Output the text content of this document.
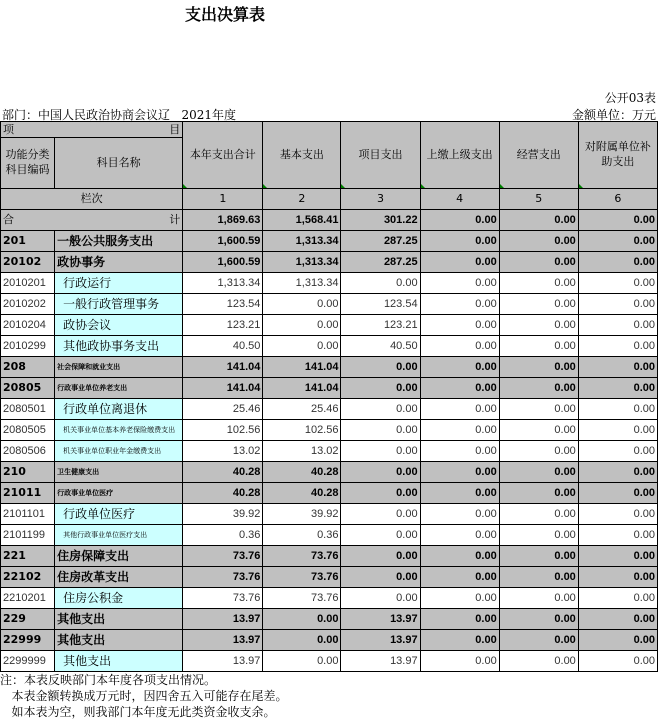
支出决算表
公开03表
部门：中国人民政治协商会议辽   2021年度	金额单位：万元
项 目		本年支出合计	基本支出	项目支出	上缴上级支出	经营支出	对附属单位补助支出
功能分类科目编码	科目名称						
栏次		1	2	3	4	5	6
合 计		1,869.63	1,568.41	301.22	0.00	0.00	0.00
201	一般公共服务支出	1,600.59	1,313.34	287.25	0.00	0.00	0.00
20102	政协事务	1,600.59	1,313.34	287.25	0.00	0.00	0.00
2010201	行政运行	1,313.34	1,313.34	0.00	0.00	0.00	0.00
2010202	一般行政管理事务	123.54	0.00	123.54	0.00	0.00	0.00
2010204	政协会议	123.21	0.00	123.21	0.00	0.00	0.00
2010299	其他政协事务支出	40.50	0.00	40.50	0.00	0.00	0.00
208	社会保障和就业支出	141.04	141.04	0.00	0.00	0.00	0.00
20805	行政事业单位养老支出	141.04	141.04	0.00	0.00	0.00	0.00
2080501	行政单位离退休	25.46	25.46	0.00	0.00	0.00	0.00
2080505	机关事业单位基本养老保险缴费支出	102.56	102.56	0.00	0.00	0.00	0.00
2080506	机关事业单位职业年金缴费支出	13.02	13.02	0.00	0.00	0.00	0.00
210	卫生健康支出	40.28	40.28	0.00	0.00	0.00	0.00
21011	行政事业单位医疗	40.28	40.28	0.00	0.00	0.00	0.00
2101101	行政单位医疗	39.92	39.92	0.00	0.00	0.00	0.00
2101199	其他行政事业单位医疗支出	0.36	0.36	0.00	0.00	0.00	0.00
221	住房保障支出	73.76	73.76	0.00	0.00	0.00	0.00
22102	住房改革支出	73.76	73.76	0.00	0.00	0.00	0.00
2210201	住房公积金	73.76	73.76	0.00	0.00	0.00	0.00
229	其他支出	13.97	0.00	13.97	0.00	0.00	0.00
22999	其他支出	13.97	0.00	13.97	0.00	0.00	0.00
2299999	其他支出	13.97	0.00	13.97	0.00	0.00	0.00
注：本表反映部门本年度各项支出情况。
本表金额转换成万元时，因四舍五入可能存在尾差。
如本表为空，则我部门本年度无此类资金收支余。
